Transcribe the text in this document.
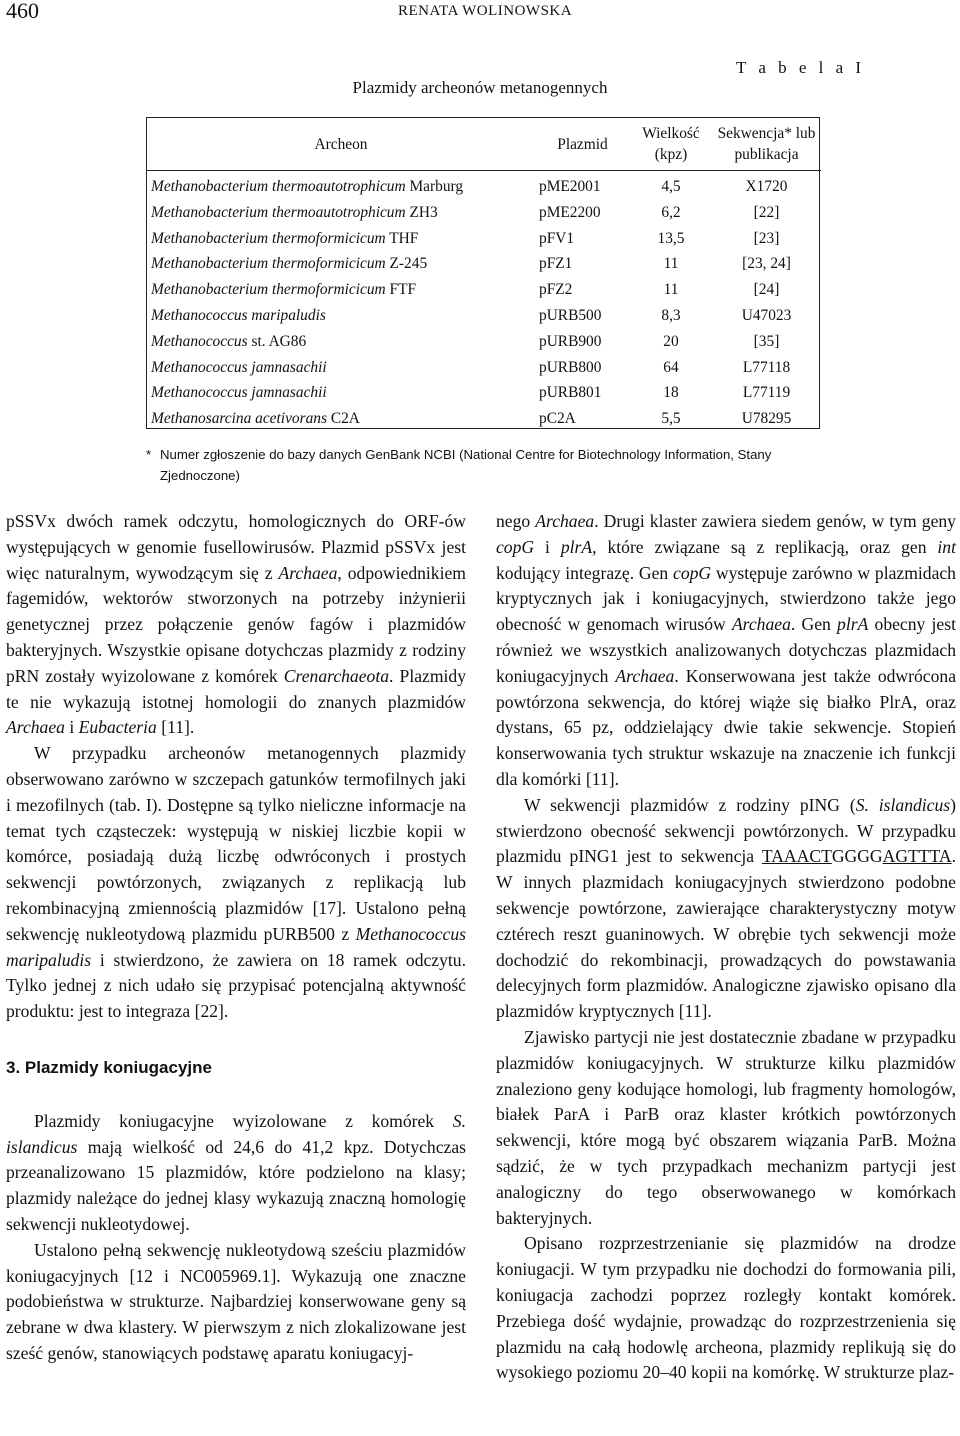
460	RENATA WOLINOWSKA
T a b e l a I
Plazmidy archeonów metanogennych
Archeon	Plazmid	Wielkość (kpz)	Sekwencja* lub publikacja
Methanobacterium thermoautotrophicum Marburg	pME2001	4,5	X1720
Methanobacterium thermoautotrophicum ZH3	pME2200	6,2	[22]
Methanobacterium thermoformicicum THF	pFV1	13,5	[23]
Methanobacterium thermoformicicum Z-245	pFZ1	11	[23, 24]
Methanobacterium thermoformicicum FTF	pFZ2	11	[24]
Methanococcus maripaludis	pURB500	8,3	U47023
Methanococcus st. AG86	pURB900	20	[35]
Methanococcus jamnasachii	pURB800	64	L77118
Methanococcus jamnasachii	pURB801	18	L77119
Methanosarcina acetivorans C2A	pC2A	5,5	U78295
* Numer zgłoszenie do bazy danych GenBank NCBI (National Centre for Biotechnology Information, Stany Zjednoczone)

pSSVx dwóch ramek odczytu, homologicznych do ORF-ów występujących w genomie fusellowirusów. Plazmid pSSVx jest więc naturalnym, wywodzącym się z Archaea, odpowiednikiem fagemidów, wektorów stworzonych na potrzeby inżynierii genetycznej przez połączenie genów fagów i plazmidów bakteryjnych. Wszystkie opisane dotychczas plazmidy z rodziny pRN zostały wyizolowane z komórek Crenarchaeota. Plazmidy te nie wykazują istotnej homologii do znanych plazmidów Archaea i Eubacteria [11].

W przypadku archeonów metanogennych plazmidy obserwowano zarówno w szczepach gatunków termofilnych jaki i mezofilnych (tab. I). Dostępne są tylko nieliczne informacje na temat tych cząsteczek: występują w niskiej liczbie kopii w komórce, posiadają dużą liczbę odwróconych i prostych sekwencji powtórzonych, związanych z replikacją lub rekombinacyjną zmiennością plazmidów [17]. Ustalono pełną sekwencję nukleotydową plazmidu pURB500 z Methanococcus maripaludis i stwierdzono, że zawiera on 18 ramek odczytu. Tylko jednej z nich udało się przypisać potencjalną aktywność produktu: jest to integraza [22].

3. Plazmidy koniugacyjne

Plazmidy koniugacyjne wyizolowane z komórek S. islandicus mają wielkość od 24,6 do 41,2 kpz. Dotychczas przeanalizowano 15 plazmidów, które podzielono na klasy; plazmidy należące do jednej klasy wykazują znaczną homologię sekwencji nukleotydowej.

Ustalono pełną sekwencję nukleotydową sześciu plazmidów koniugacyjnych [12 i NC005969.1]. Wykazują one znaczne podobieństwa w strukturze. Najbardziej konserwowane geny są zebrane w dwa klastery. W pierwszym z nich zlokalizowane jest sześć genów, stanowiących podstawę aparatu koniugacyj-

nego Archaea. Drugi klaster zawiera siedem genów, w tym geny copG i plrA, które związane są z replikacją, oraz gen int kodujący integrazę. Gen copG występuje zarówno w plazmidach kryptycznych jak i koniugacyjnych, stwierdzono także jego obecność w genomach wirusów Archaea. Gen plrA obecny jest również we wszystkich analizowanych dotychczas plazmidach koniugacyjnych Archaea. Konserwowana jest także odwrócona powtórzona sekwencja, do której wiąże się białko PlrA, oraz dystans, 65 pz, oddzielający dwie takie sekwencje. Stopień konserwowania tych struktur wskazuje na znaczenie ich funkcji dla komórki [11].

W sekwencji plazmidów z rodziny pING (S. islandicus) stwierdzono obecność sekwencji powtórzonych. W przypadku plazmidu pING1 jest to sekwencja TAAACTGGGGAGTTTA. W innych plazmidach koniugacyjnych stwierdzono podobne sekwencje powtórzone, zawierające charakterystyczny motyw cztérech reszt guaninowych. W obrębie tych sekwencji może dochodzić do rekombinacji, prowadzących do powstawania delecyjnych form plazmidów. Analogiczne zjawisko opisano dla plazmidów kryptycznych [11].

Zjawisko partycji nie jest dostatecznie zbadane w przypadku plazmidów koniugacyjnych. W strukturze kilku plazmidów znaleziono geny kodujące homologi, lub fragmenty homologów, białek ParA i ParB oraz klaster krótkich powtórzonych sekwencji, które mogą być obszarem wiązania ParB. Można sądzić, że w tych przypadkach mechanizm partycji jest analogiczny do tego obserwowanego w komórkach bakteryjnych.

Opisano rozprzestrzenianie się plazmidów na drodze koniugacji. W tym przypadku nie dochodzi do formowania pili, koniugacja zachodzi poprzez rozległy kontakt komórek. Przebiega dość wydajnie, prowadząc do rozprzestrzenienia się plazmidu na całą hodowlę archeona, plazmidy replikują się do wysokiego poziomu 20–40 kopii na komórkę. W strukturze plaz-
